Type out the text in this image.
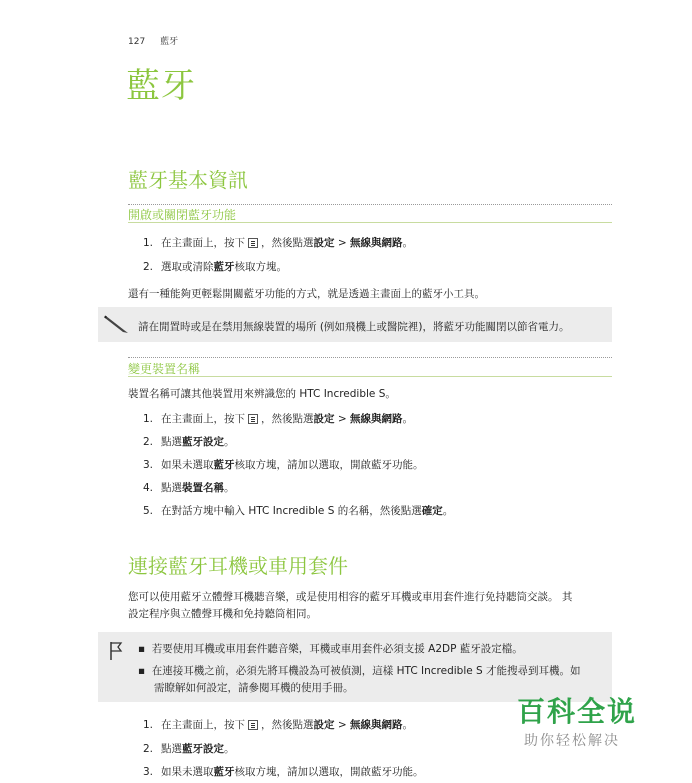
127 藍牙
藍牙
藍牙基本資訊
開啟或關閉藍牙功能
1. 在主畫面上，按下 ，然後點選設定 > 無線與網路。
2. 選取或清除藍牙核取方塊。
還有一種能夠更輕鬆開關藍牙功能的方式，就是透過主畫面上的藍牙小工具。
請在閒置時或是在禁用無線裝置的場所 (例如飛機上或醫院裡)，將藍牙功能關閉以節省電力。
變更裝置名稱
裝置名稱可讓其他裝置用來辨識您的 HTC Incredible S。
1. 在主畫面上，按下 ，然後點選設定 > 無線與網路。
2. 點選藍牙設定。
3. 如果未選取藍牙核取方塊，請加以選取，開啟藍牙功能。
4. 點選裝置名稱。
5. 在對話方塊中輸入 HTC Incredible S 的名稱，然後點選確定。
連接藍牙耳機或車用套件
您可以使用藍牙立體聲耳機聽音樂，或是使用相容的藍牙耳機或車用套件進行免持聽筒交談。 其
設定程序與立體聲耳機和免持聽筒相同。
▪  若要使用耳機或車用套件聽音樂，耳機或車用套件必須支援 A2DP 藍牙設定檔。
▪  在連接耳機之前，必須先將耳機設為可被偵測，這樣 HTC Incredible S 才能搜尋到耳機。如
需瞭解如何設定，請參閱耳機的使用手冊。
1. 在主畫面上，按下 ，然後點選設定 > 無線與網路。
2. 點選藍牙設定。
3. 如果未選取藍牙核取方塊，請加以選取，開啟藍牙功能。
百科全说
助你轻松解决
